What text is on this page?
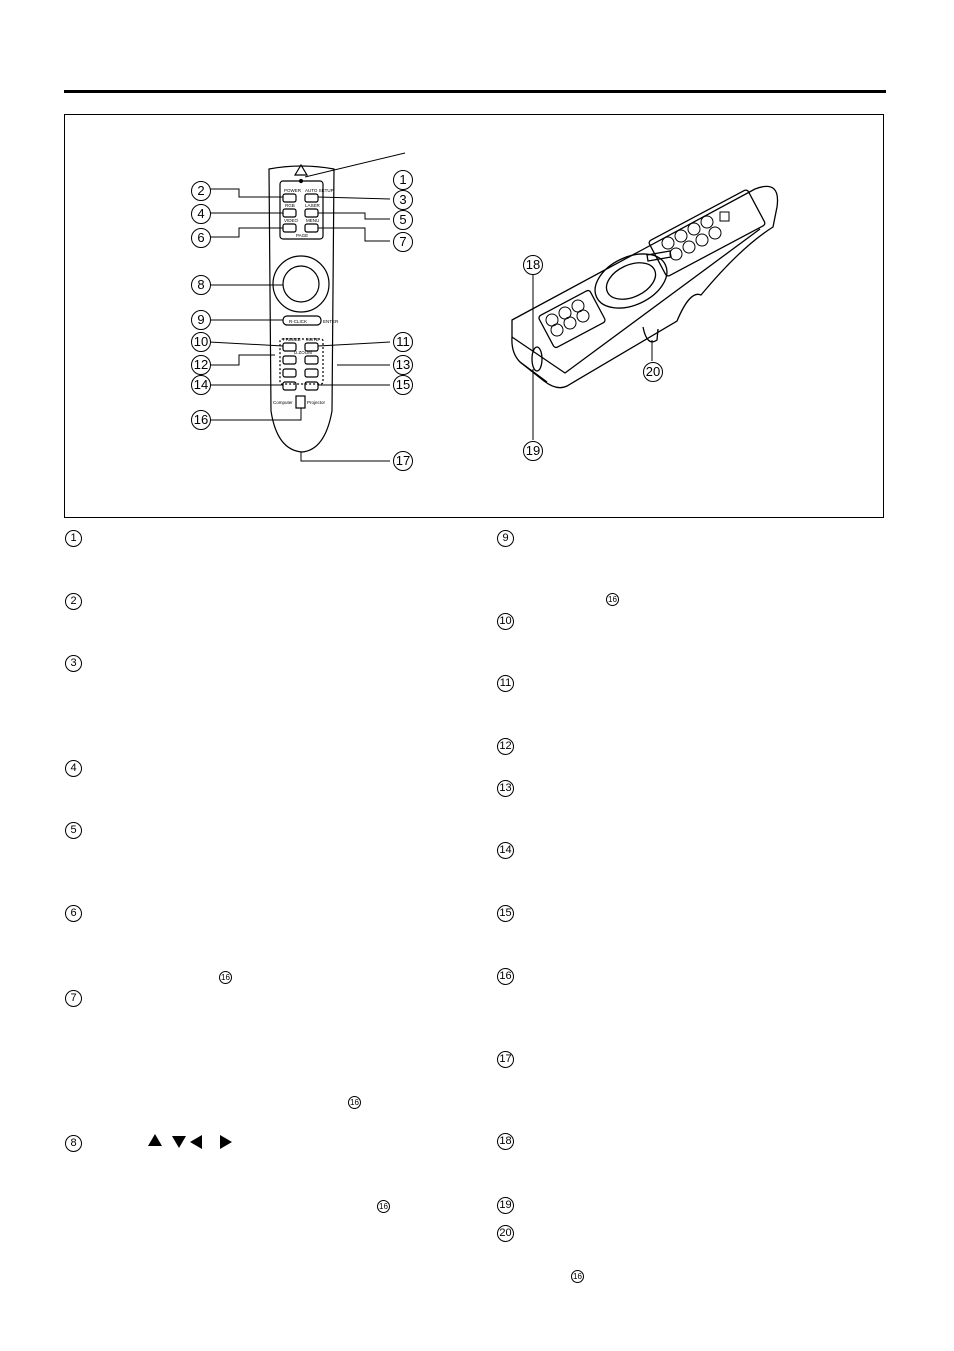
POWER AUTO SETUP
RGB LASER
VIDEO MENU
PAGE
R-CLICK	ENTER
FREEZE MUTE
D.ZOOM
Computer	Projector
1
2
3
4	5
6	7
8
9
10	11
12	13
14	15
16
17
18
19
20
1
2
3
4
5
6
7
8
16
16
16
9
16
10
11
12
13
14
15
16
17
18
19
20
16
